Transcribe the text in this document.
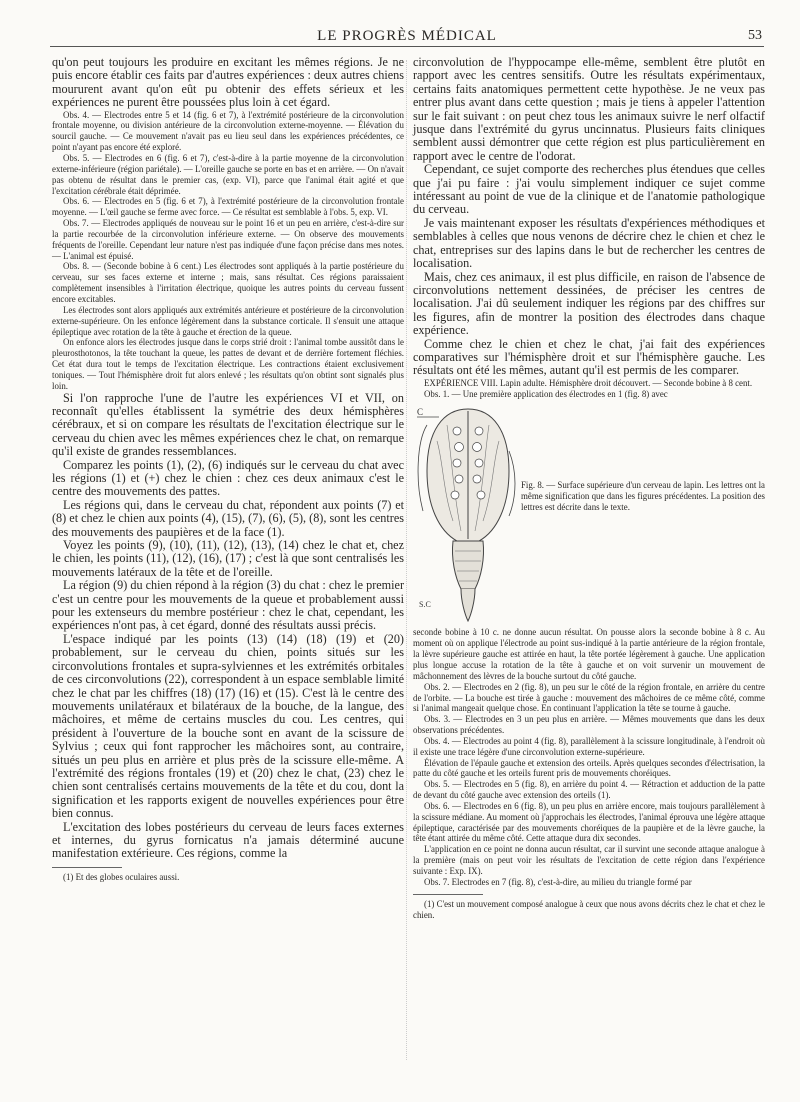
LE PROGRÈS MÉDICAL	53

qu'on peut toujours les produire en excitant les mêmes régions. Je ne puis encore établir ces faits par d'autres expériences : deux autres chiens moururent avant qu'on eût pu obtenir des effets sérieux et les expériences ne purent être poussées plus loin à cet égard.

Obs. 4. — Electrodes entre 5 et 14 (fig. 6 et 7), à l'extrémité postérieure de la circonvolution frontale moyenne, ou division antérieure de la circonvolution externe-moyenne. — Élévation du sourcil gauche. — Ce mouvement n'avait pas eu lieu seul dans les expériences précédentes, ce point n'ayant pas encore été exploré.

Obs. 5. — Electrodes en 6 (fig. 6 et 7), c'est-à-dire à la partie moyenne de la circonvolution externe-inférieure (région pariétale). — L'oreille gauche se porte en bas et en arrière. — On n'avait pas obtenu de résultat dans le premier cas, (exp. VI), parce que l'animal était agité et que l'excitation cérébrale était déprimée.

Obs. 6. — Electrodes en 5 (fig. 6 et 7), à l'extrémité postérieure de la circonvolution frontale moyenne. — L'œil gauche se ferme avec force. — Ce résultat est semblable à l'obs. 5, exp. VI.

Obs. 7. — Electrodes appliqués de nouveau sur le point 16 et un peu en arrière, c'est-à-dire sur la partie recourbée de la circonvolution inférieure externe. — On observe des mouvements fréquents de l'oreille. Cependant leur nature n'est pas indiquée d'une façon précise dans mes notes. — L'animal est épuisé.

Obs. 8. — (Seconde bobine à 6 cent.) Les électrodes sont appliqués à la partie postérieure du cerveau, sur ses faces externe et interne ; mais, sans résultat. Ces régions paraissaient complètement insensibles à l'irritation électrique, quoique les autres points du cerveau fussent encore excitables.

Les électrodes sont alors appliqués aux extrémités antérieure et postérieure de la circonvolution externe-supérieure. On les enfonce légèrement dans la substance corticale. Il s'ensuit une attaque épileptique avec rotation de la tête à gauche et érection de la queue.

On enfonce alors les électrodes jusque dans le corps strié droit : l'animal tombe aussitôt dans le pleurosthotonos, la tête touchant la queue, les pattes de devant et de derrière fortement fléchies. Cet état dura tout le temps de l'excitation électrique. Les contractions étaient exclusivement toniques. — Tout l'hémisphère droit fut alors enlevé ; les résultats qu'on obtint sont signalés plus loin.

Si l'on rapproche l'une de l'autre les expériences VI et VII, on reconnaît qu'elles établissent la symétrie des deux hémisphères cérébraux, et si on compare les résultats de l'excitation électrique sur le cerveau du chien avec les mêmes expériences chez le chat, on remarque qu'il existe de grandes ressemblances.

Comparez les points (1), (2), (6) indiqués sur le cerveau du chat avec les régions (1) et (+) chez le chien : chez ces deux animaux c'est le centre des mouvements des pattes.

Les régions qui, dans le cerveau du chat, répondent aux points (7) et (8) et chez le chien aux points (4), (15), (7), (6), (5), (8), sont les centres des mouvements des paupières et de la face (1).

Voyez les points (9), (10), (11), (12), (13), (14) chez le chat et, chez le chien, les points (11), (12), (16), (17) ; c'est là que sont centralisés les mouvements latéraux de la tête et de l'oreille.

La région (9) du chien répond à la région (3) du chat : chez le premier c'est un centre pour les mouvements de la queue et probablement aussi pour les extenseurs du membre postérieur : chez le chat, cependant, les expériences n'ont pas, à cet égard, donné des résultats aussi précis.

L'espace indiqué par les points (13) (14) (18) (19) et (20) probablement, sur le cerveau du chien, points situés sur les circonvolutions frontales et supra-sylviennes et les extrémités orbitales de ces circonvolutions (22), correspondent à un espace semblable limité chez le chat par les chiffres (18) (17) (16) et (15). C'est là le centre des mouvements unilatéraux et bilatéraux de la bouche, de la langue, des mâchoires, et même de certains muscles du cou. Les centres, qui président à l'ouverture de la bouche sont en avant de la scissure de Sylvius ; ceux qui font rapprocher les mâchoires sont, au contraire, situés un peu plus en arrière et plus près de la scissure elle-même. A l'extrémité des régions frontales (19) et (20) chez le chat, (23) chez le chien sont centralisés certains mouvements de la tête et du cou, dont la signification et les rapports exigent de nouvelles expériences pour être bien connus.

L'excitation des lobes postérieurs du cerveau de leurs faces externes et internes, du gyrus fornicatus n'a jamais déterminé aucune manifestation extérieure. Ces régions, comme la

(1) Et des globes oculaires aussi.

circonvolution de l'hyppocampe elle-même, semblent être plutôt en rapport avec les centres sensitifs. Outre les résultats expérimentaux, certains faits anatomiques permettent cette hypothèse. Je ne veux pas entrer plus avant dans cette question ; mais je tiens à appeler l'attention sur le fait suivant : on peut chez tous les animaux suivre le nerf olfactif jusque dans l'extrémité du gyrus uncinnatus. Plusieurs faits cliniques semblent aussi démontrer que cette région est plus particulièrement en rapport avec le centre de l'odorat.

Cependant, ce sujet comporte des recherches plus étendues que celles que j'ai pu faire : j'ai voulu simplement indiquer ce sujet comme intéressant au point de vue de la clinique et de l'anatomie pathologique du cerveau.

Je vais maintenant exposer les résultats d'expériences méthodiques et semblables à celles que nous venons de décrire chez le chien et chez le chat, entreprises sur des lapins dans le but de rechercher les centres de localisation.

Mais, chez ces animaux, il est plus difficile, en raison de l'absence de circonvolutions nettement dessinées, de préciser les centres de localisation. J'ai dû seulement indiquer les régions par des chiffres sur les figures, afin de montrer la position des électrodes dans chaque expérience.

Comme chez le chien et chez le chat, j'ai fait des expériences comparatives sur l'hémisphère droit et sur l'hémisphère gauche. Les résultats ont été les mêmes, autant qu'il est permis de les comparer.

EXPÉRIENCE VIII. Lapin adulte. Hémisphère droit découvert. — Seconde bobine à 8 cent.

Obs. 1. — Une première application des électrodes en 1 (fig. 8) avec

C
S.C

Fig. 8. — Surface supérieure d'un cerveau de lapin. Les lettres ont la même signification que dans les figures précédentes. La position des lettres est décrite dans le texte.

seconde bobine à 10 c. ne donne aucun résultat. On pousse alors la seconde bobine à 8 c. Au moment où on applique l'électrode au point sus-indiqué à la partie antérieure de la région frontale, la lèvre supérieure gauche est attirée en haut, la tête portée légèrement à gauche. Une application plus longue accuse la rotation de la tête à gauche et on voit survenir un mouvement de mâchonnement des lèvres de la bouche surtout du côté gauche.

Obs. 2. — Electrodes en 2 (fig. 8), un peu sur le côté de la région frontale, en arrière du centre de l'orbite. — La bouche est tirée à gauche : mouvement des mâchoires de ce même côté, comme si l'animal mangeait quelque chose. En continuant l'application la tête se tourne à gauche.

Obs. 3. — Electrodes en 3 un peu plus en arrière. — Mêmes mouvements que dans les deux observations précédentes.

Obs. 4. — Electrodes au point 4 (fig. 8), parallèlement à la scissure longitudinale, à l'endroit où il existe une trace légère d'une circonvolution externe-supérieure.

Élévation de l'épaule gauche et extension des orteils. Après quelques secondes d'électrisation, la patte du côté gauche et les orteils furent pris de mouvements choréiques.

Obs. 5. — Electrodes en 5 (fig. 8), en arrière du point 4. — Rétraction et adduction de la patte de devant du côté gauche avec extension des orteils (1).

Obs. 6. — Electrodes en 6 (fig. 8), un peu plus en arrière encore, mais toujours parallèlement à la scissure médiane. Au moment où j'approchais les électrodes, l'animal éprouva une légère attaque épileptique, caractérisée par des mouvements choréiques de la paupière et de la lèvre gauche, la tête étant attirée du même côté. Cette attaque dura dix secondes.

L'application en ce point ne donna aucun résultat, car il survint une seconde attaque analogue à la première (mais on peut voir les résultats de l'excitation de cette région dans l'expérience suivante : Exp. IX).

Obs. 7. Electrodes en 7 (fig. 8), c'est-à-dire, au milieu du triangle formé par

(1) C'est un mouvement composé analogue à ceux que nous avons décrits chez le chat et chez le chien.
